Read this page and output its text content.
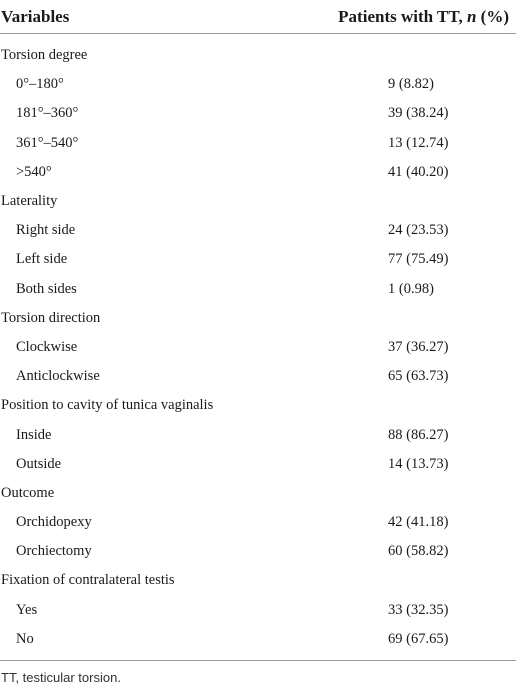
Variables	Patients with TT, n (%)
Torsion degree
0°–180°	9 (8.82)
181°–360°	39 (38.24)
361°–540°	13 (12.74)
>540°	41 (40.20)
Laterality
Right side	24 (23.53)
Left side	77 (75.49)
Both sides	1 (0.98)
Torsion direction
Clockwise	37 (36.27)
Anticlockwise	65 (63.73)
Position to cavity of tunica vaginalis
Inside	88 (86.27)
Outside	14 (13.73)
Outcome
Orchidopexy	42 (41.18)
Orchiectomy	60 (58.82)
Fixation of contralateral testis
Yes	33 (32.35)
No	69 (67.65)
TT, testicular torsion.
